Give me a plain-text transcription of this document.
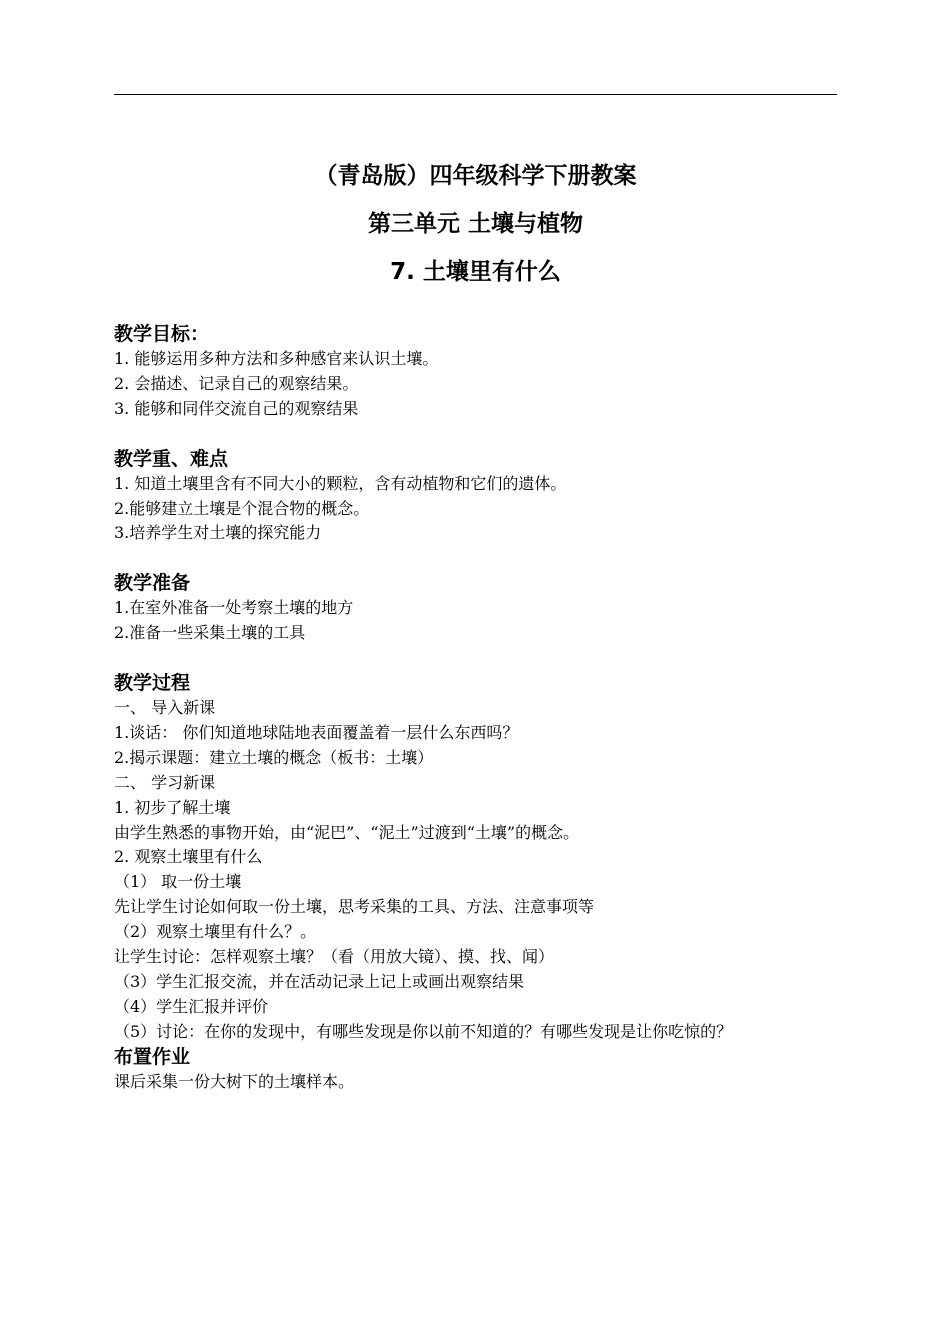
（青岛版）四年级科学下册教案
第三单元 土壤与植物
7. 土壤里有什么
教学目标：
1. 能够运用多种方法和多种感官来认识土壤。
2. 会描述、记录自己的观察结果。
3. 能够和同伴交流自己的观察结果
教学重、难点
1. 知道土壤里含有不同大小的颗粒，含有动植物和它们的遗体。
2.能够建立土壤是个混合物的概念。
3.培养学生对土壤的探究能力
教学准备
1.在室外准备一处考察土壤的地方
2.准备一些采集土壤的工具
教学过程
一、 导入新课
1.谈话： 你们知道地球陆地表面覆盖着一层什么东西吗？
2.揭示课题：建立土壤的概念（板书：土壤）
二、 学习新课
1. 初步了解土壤
由学生熟悉的事物开始，由“泥巴”、“泥土”过渡到“土壤”的概念。
2. 观察土壤里有什么
（1） 取一份土壤
先让学生讨论如何取一份土壤，思考采集的工具、方法、注意事项等
（2）观察土壤里有什么？。
让学生讨论：怎样观察土壤？（看（用放大镜）、摸、找、闻）
（3）学生汇报交流，并在活动记录上记上或画出观察结果
（4）学生汇报并评价
（5）讨论：在你的发现中，有哪些发现是你以前不知道的？有哪些发现是让你吃惊的？
布置作业
课后采集一份大树下的土壤样本。
